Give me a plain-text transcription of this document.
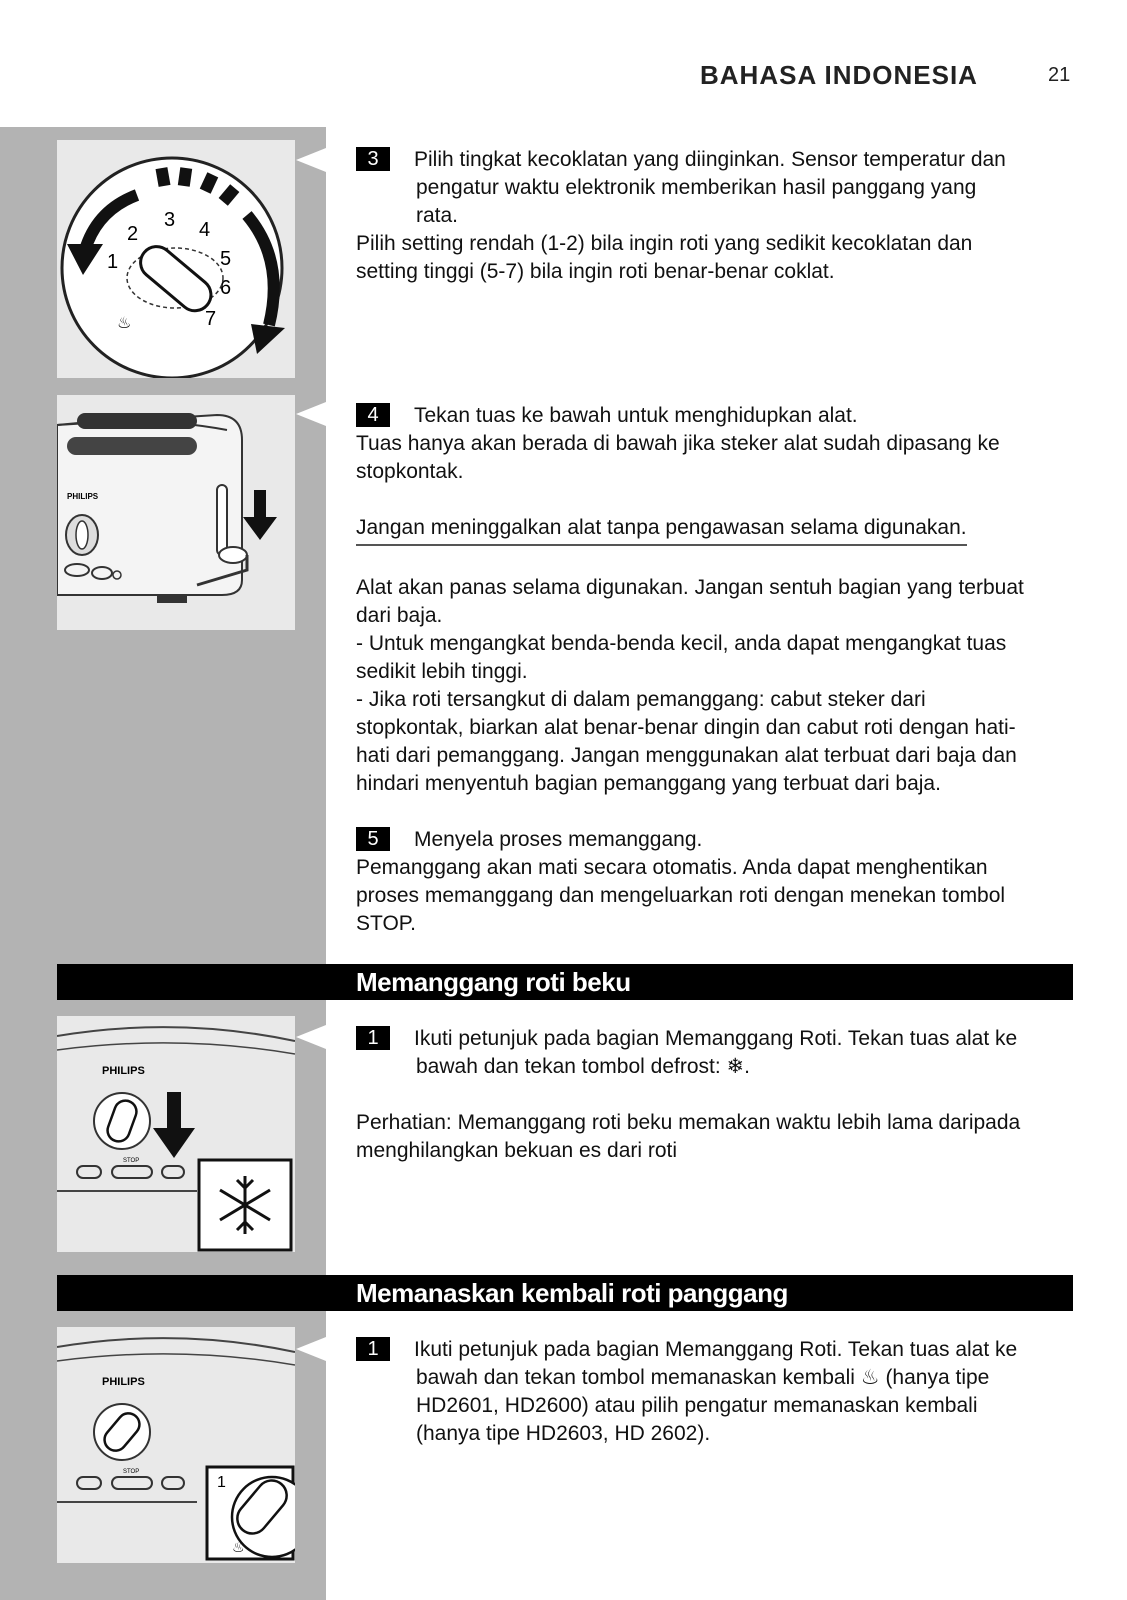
BAHASA INDONESIA	21
2
3 4
5
6
7
1
♨
PHILIPS

3 Pilih tingkat kecoklatan yang diinginkan. Sensor temperatur dan

pengatur waktu elektronik memberikan hasil panggang yang

rata.

Pilih setting rendah (1-2) bila ingin roti yang sedikit kecoklatan dan

setting tinggi (5-7) bila ingin roti benar-benar coklat.

4 Tekan tuas ke bawah untuk menghidupkan alat.

Tuas hanya akan berada di bawah jika steker alat sudah dipasang ke

stopkontak.

Jangan meninggalkan alat tanpa pengawasan selama digunakan.

Alat akan panas selama digunakan. Jangan sentuh bagian yang terbuat

dari baja.

- Untuk mengangkat benda-benda kecil, anda dapat mengangkat tuas

sedikit lebih tinggi.

- Jika roti tersangkut di dalam pemanggang: cabut steker dari

stopkontak, biarkan alat benar-benar dingin dan cabut roti dengan hati-

hati dari pemanggang. Jangan menggunakan alat terbuat dari baja dan

hindari menyentuh bagian pemanggang yang terbuat dari baja.

5 Menyela proses memanggang.

Pemanggang akan mati secara otomatis. Anda dapat menghentikan

proses memanggang dan mengeluarkan roti dengan menekan tombol

STOP.

Memanggang roti beku
PHILIPS
STOP

1 Ikuti petunjuk pada bagian Memanggang Roti. Tekan tuas alat ke

bawah dan tekan tombol defrost: ❄.

Perhatian: Memanggang roti beku memakan waktu lebih lama daripada

menghilangkan bekuan es dari roti

Memanaskan kembali roti panggang
PHILIPS
STOP
1
♨

1 Ikuti petunjuk pada bagian Memanggang Roti. Tekan tuas alat ke

bawah dan tekan tombol memanaskan kembali ♨ (hanya tipe

HD2601, HD2600) atau pilih pengatur memanaskan kembali

(hanya tipe HD2603, HD 2602).
